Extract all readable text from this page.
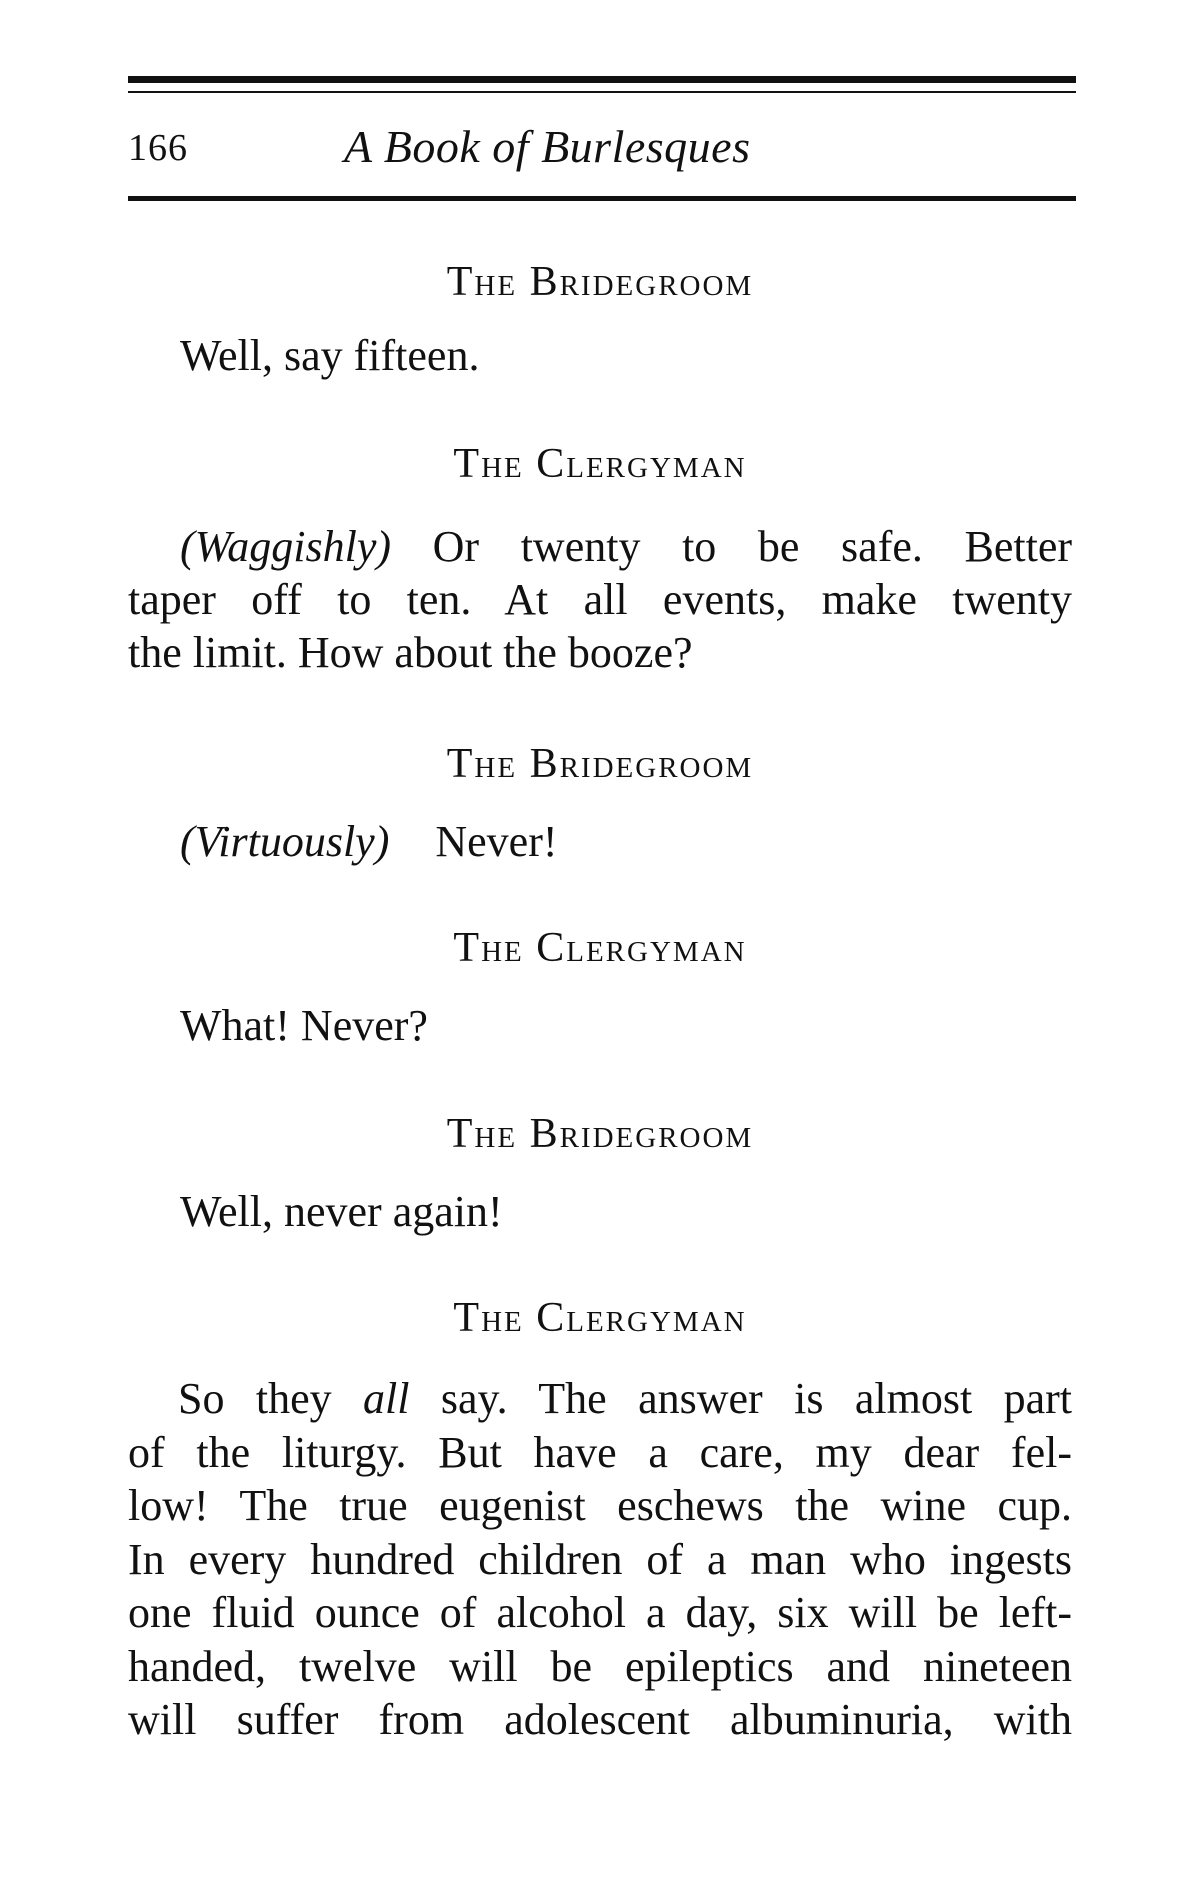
166	A Book of Burlesques
The Bridegroom
Well, say fifteen.
The Clergyman
(Waggishly) Or twenty to be safe. Better
taper off to ten. At all events, make twenty
the limit. How about the booze?
The Bridegroom
(Virtuously) Never!
The Clergyman
What! Never?
The Bridegroom
Well, never again!
The Clergyman
So they all say. The answer is almost part
of the liturgy. But have a care, my dear fel-
low! The true eugenist eschews the wine cup.
In every hundred children of a man who ingests
one fluid ounce of alcohol a day, six will be left-
handed, twelve will be epileptics and nineteen
will suffer from adolescent albuminuria, with
